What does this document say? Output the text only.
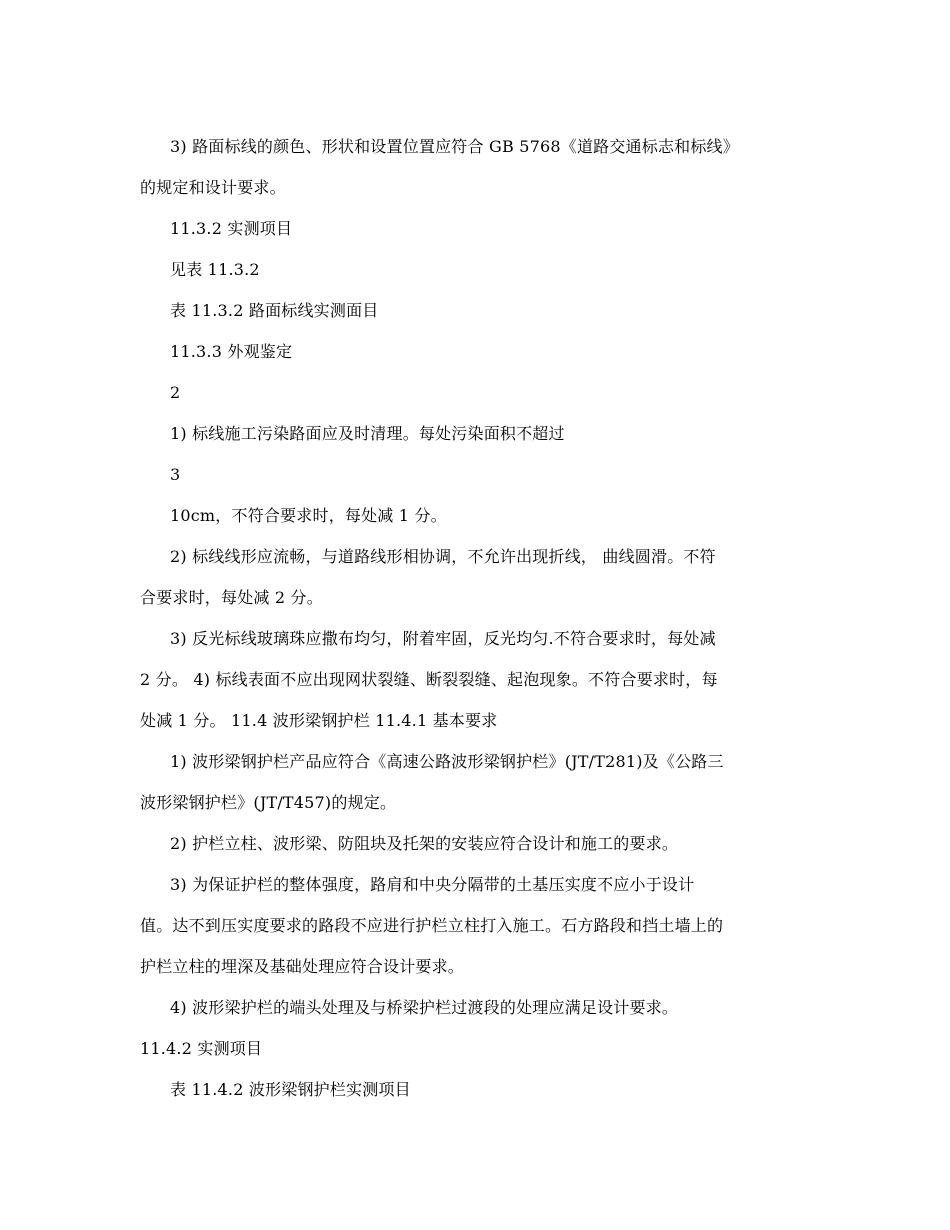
3) 路面标线的颜色、形状和设置位置应符合 GB 5768《道路交通标志和标线》

的规定和设计要求。

11.3.2 实测项目

见表 11.3.2

表 11.3.2 路面标线实测面目

11.3.3 外观鉴定

2

1) 标线施工污染路面应及时清理。每处污染面积不超过

3

10cm，不符合要求时，每处减 1 分。

2) 标线线形应流畅，与道路线形相协调，不允许出现折线， 曲线圆滑。不符

合要求时，每处减 2 分。

3) 反光标线玻璃珠应撒布均匀，附着牢固，反光均匀.不符合要求时，每处减

2 分。 4) 标线表面不应出现网状裂缝、断裂裂缝、起泡现象。不符合要求时，每

处减 1 分。 11.4 波形梁钢护栏 11.4.1 基本要求

1) 波形梁钢护栏产品应符合《高速公路波形梁钢护栏》(JT/T281)及《公路三

波形梁钢护栏》(JT/T457)的规定。

2) 护栏立柱、波形梁、防阻块及托架的安装应符合设计和施工的要求。

3) 为保证护栏的整体强度，路肩和中央分隔带的土基压实度不应小于设计

值。达不到压实度要求的路段不应进行护栏立柱打入施工。石方路段和挡土墙上的

护栏立柱的埋深及基础处理应符合设计要求。

4) 波形梁护栏的端头处理及与桥梁护栏过渡段的处理应满足设计要求。

11.4.2 实测项目

表 11.4.2 波形梁钢护栏实测项目
